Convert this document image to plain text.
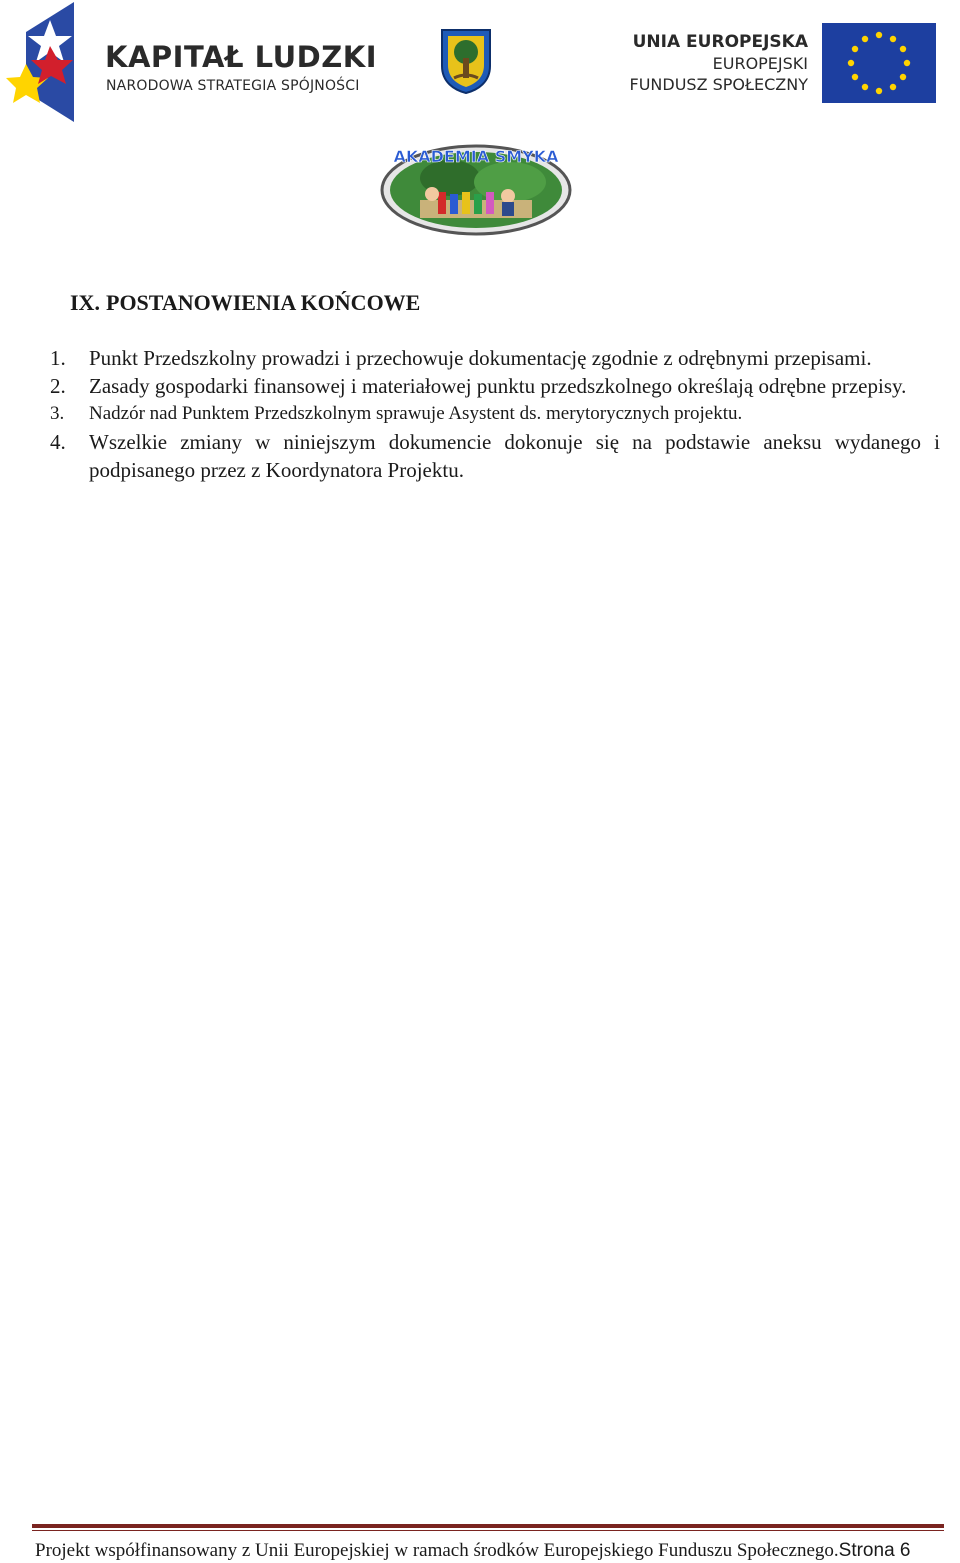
KAPITAŁ LUDZKI
NARODOWA STRATEGIA SPÓJNOŚCI
UNIA EUROPEJSKA
EUROPEJSKI
FUNDUSZ SPOŁECZNY
AKADEMIA SMYKA
IX. POSTANOWIENIA KOŃCOWE

1. Punkt Przedszkolny prowadzi i przechowuje dokumentację zgodnie z odrębnymi przepisami.

2. Zasady gospodarki finansowej i materiałowej punktu przedszkolnego określają odrębne przepisy.

3. Nadzór nad Punktem Przedszkolnym sprawuje Asystent ds. merytorycznych projektu.

4. Wszelkie zmiany w niniejszym dokumencie dokonuje się na podstawie aneksu wydanego i podpisanego przez z Koordynatora Projektu.

Projekt współfinansowany z Unii Europejskiej w ramach środków Europejskiego Funduszu Społecznego.Strona 6
